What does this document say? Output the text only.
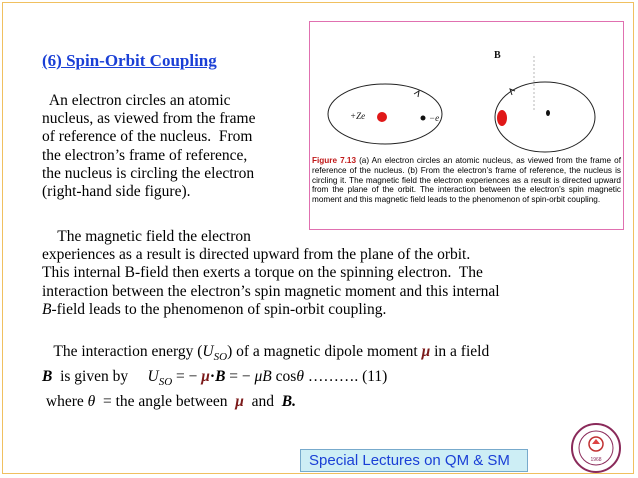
(6) Spin-Orbit Coupling
An electron circles an atomic
nucleus, as viewed from the frame
of reference of the nucleus.  From
the electron’s frame of reference,
the nucleus is circling the electron
(right-hand side figure).
+Ze	−e
B
Figure 7.13 (a) An electron circles an atomic nucleus, as viewed from the frame of reference of the nucleus. (b) From the electron’s frame of reference, the nucleus is circling it. The magnetic field the electron experiences as a result is directed upward from the plane of the orbit. The interaction between the electron’s spin magnetic moment and this magnetic field leads to the phenomenon of spin-orbit coupling.
The magnetic field the electron
experiences as a result is directed upward from the plane of the orbit.
This internal B-field then exerts a torque on the spinning electron.  The
interaction between the electron’s spin magnetic moment and this internal
B-field leads to the phenomenon of spin-orbit coupling.
The interaction energy $(U_{SO})$ of a magnetic dipole moment μ in a field
B  is given by     $U_{SO}$ = − μ·B = − μB cosθ ………. (11)
where θ  = the angle between  μ  and  B.
Special Lectures on QM & SM	1968
